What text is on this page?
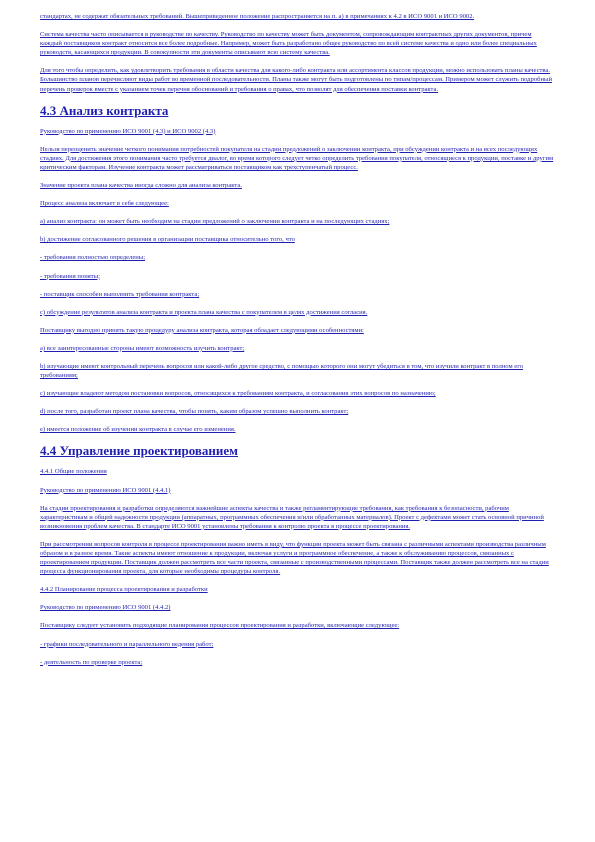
стандартах, не содержат обязательных требований. Вышеприведенное положение распространяется на п. а) в примечаниях к 4.2 в ИСО 9001 и ИСО 9002.

Система качества часто описывается в руководстве по качеству. Руководство по качеству может быть документом, сопровождающим контрактных других документов, причем каждый поставщиков контракт относится все более подробные. Например, может быть разработано общее руководство по всей системе качества и одно или более специальных руководств, касающихся продукции. В совокупности эти документы описывают всю систему качества.

Для того чтобы определить, как удовлетворить требования в области качества для какого-либо контракта или ассортимента классов продукции, можно использовать планы качества. Большинство планов перечисляют виды работ во временной последовательности. Планы также могут быть подготовлены по типам/процессам. Примером может служить подробный перечень проверок вместе с указанием точек перечня обоснований и требования о правах, что позволят для обеспечения поставки контракта.

4.3 Анализ контракта

Руководство по применению ИСО 9001 (4.3) и ИСО 9002 (4.3)

Нельзя переоценить значение четкого понимания потребностей покупателя на стадии предложений о заключении контракта, при обсуждении контракта и на всех последующих стадиях. Для достижения этого понимания часто требуется диалог, во время которого следует четко определить требования покупателя, относящиеся к продукции, поставке и другим критическим факторам. Изучение контракта может рассматриваться поставщиком как трехступенчатый процесс.

Значение проекта плана качества иногда сложно для анализа контракта.

Процесс анализа включает в себя следующее:

а) анализ контракта: он может быть необходим на стадии предложений о заключении контракта и на последующих стадиях;

b) достижение согласованного решения в организации поставщика относительно того, что

- требования полностью определены;

- требования поняты;

- поставщик способен выполнить требования контракта;

с) обсуждение результатов анализа контракта и проекта плана качества с покупателем в целях достижения согласия.

Поставщику выгодно принять такую процедуру анализа контракта, которая обладает следующими особенностями:

а) все заинтересованные стороны имеют возможность изучить контракт;

b) изучающие имеют контрольный перечень вопросов или какой-либо другое средство, с помощью которого они могут убедиться в том, что изучили контракт в полном его требованиям;

с) изучающие владеют методом постановки вопросов, относящихся к требованиям контракта, и согласования этих вопросов по назначению;

d) после того, разработан проект плана качества, чтобы понять, каким образом успешно выполнить контракт;

е) имеется положение об изучении контракта в случае его изменения.

4.4 Управление проектированием

4.4.1 Общие положения

Руководство по применению ИСО 9001 (4.4.1)

На стадии проектирования и разработки определяются важнейшие аспекты качества и также регламентирующие требования, как требования к безопасности, рабочим характеристикам и общей надежности продукции (аппаратных, программных обеспечения и/или обработанных материалов). Проект с дефектами может стать основной причиной возникновения проблем качества. В стандарте ИСО 9001 установлены требования к контролю проекта в процессе проектирования.

При рассмотрении вопросов контроля в процессе проектирования важно иметь в виду, что функции проекта может быть связана с различными аспектами производства различным образом и в разное время. Такие аспекты имеют отношение к продукции, включая услуги и программное обеспечение, а также к обслуживанию процессов, связанных с проектированием продукции. Поставщик должен рассмотреть все части проекта, связанные с производственными процессами. Поставщик также должен рассмотреть все на стадии процесса функционирования проекта, для которые необходимы процедуры контроля.

4.4.2 Планирование процесса проектирования и разработки

Руководство по применению ИСО 9001 (4.4.2)

Поставщику следует установить подходящие планирования процессов проектирования и разработки, включающие следующее:

- графики последовательного и параллельного ведения работ;

- деятельность по проверке проекта;
